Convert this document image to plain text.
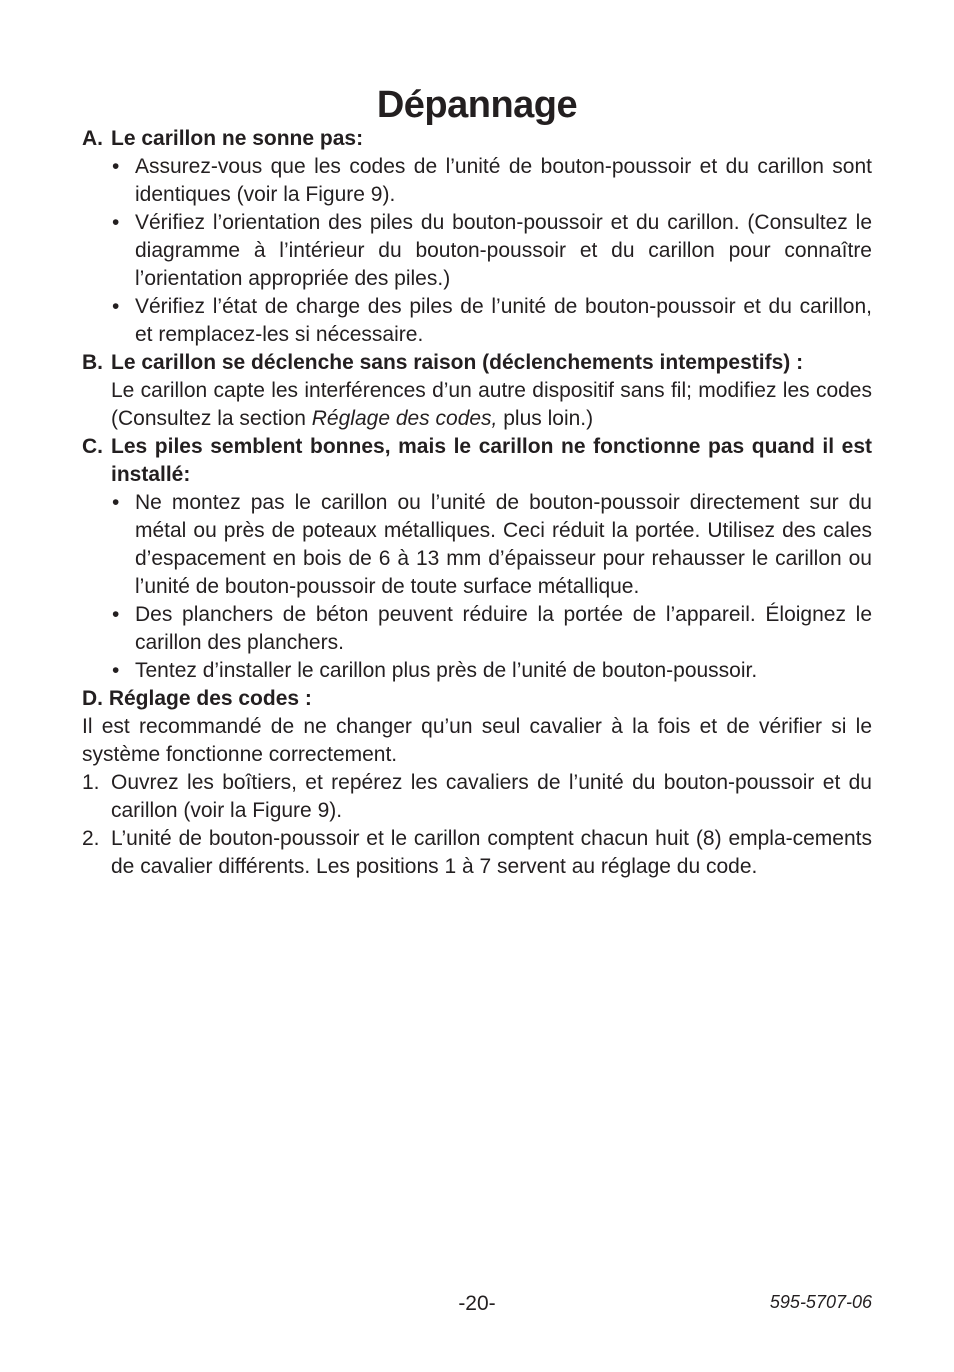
Dépannage
A. Le carillon ne sonne pas:
• Assurez-vous que les codes de l’unité de bouton-poussoir et du carillon sont identiques (voir la Figure 9).
• Vérifiez l’orientation des piles du bouton-poussoir et du carillon. (Consultez le diagramme à l’intérieur du bouton-poussoir et du carillon pour connaître l’orientation appropriée des piles.)
• Vérifiez l’état de charge des piles de l’unité de bouton-poussoir et du carillon, et remplacez-les si nécessaire.
B. Le carillon se déclenche sans raison (déclenchements intempestifs) :
Le carillon capte les interférences d’un autre dispositif sans fil; modifiez les codes (Consultez la section Réglage des codes, plus loin.)
C. Les piles semblent bonnes, mais le carillon ne fonctionne pas quand il est installé:
• Ne montez pas le carillon ou l’unité de bouton-poussoir directement sur du métal ou près de poteaux métalliques. Ceci réduit la portée. Utilisez des cales d’espacement en bois de 6 à 13 mm d’épaisseur pour rehausser le carillon ou l’unité de bouton-poussoir de toute surface métallique.
• Des planchers de béton peuvent réduire la portée de l’appareil. Éloignez le carillon des planchers.
• Tentez d’installer le carillon plus près de l’unité de bouton-poussoir.
D. Réglage des codes :
Il est recommandé de ne changer qu’un seul cavalier à la fois et de vérifier si le système fonctionne correctement.
1. Ouvrez les boîtiers, et repérez les cavaliers de l’unité du bouton-poussoir et du carillon (voir la Figure 9).
2. L’unité de bouton-poussoir et le carillon comptent chacun huit (8) empla-cements de cavalier différents. Les positions 1 à 7 servent au réglage du code.
-20-	595-5707-06
